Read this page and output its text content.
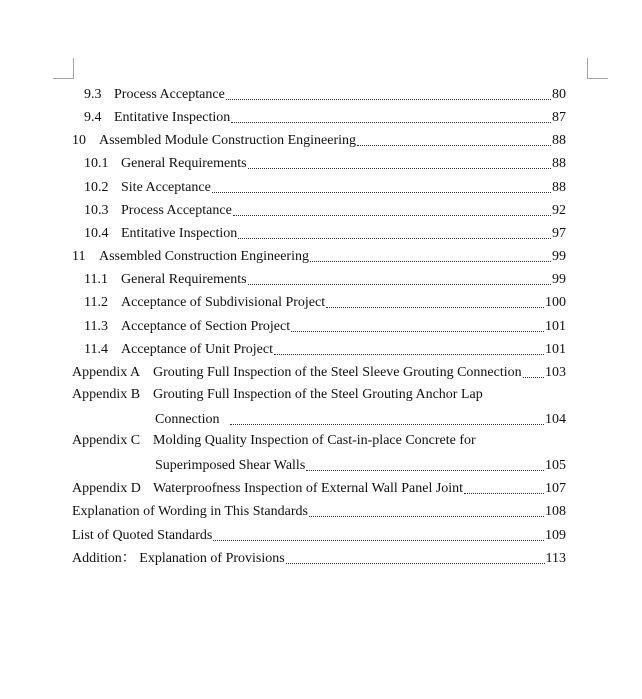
9.3 Process Acceptance	80
9.4 Entitative Inspection	87
10 Assembled Module Construction Engineering	88
10.1 General Requirements	88
10.2 Site Acceptance	88
10.3 Process Acceptance	92
10.4 Entitative Inspection	97
11 Assembled Construction Engineering	99
11.1 General Requirements	99
11.2 Acceptance of Subdivisional Project	100
11.3 Acceptance of Section Project	101
11.4 Acceptance of Unit Project	101
Appendix A Grouting Full Inspection of the Steel Sleeve Grouting Connection 103
Appendix B Grouting Full Inspection of the Steel Grouting Anchor Lap
Connection	104
Appendix C Molding Quality Inspection of Cast-in-place Concrete for
Superimposed Shear Walls	105
Appendix D Waterproofness Inspection of External Wall Panel Joint	107
Explanation of Wording in This Standards	108
List of Quoted Standards	109
Addition： Explanation of Provisions	113
